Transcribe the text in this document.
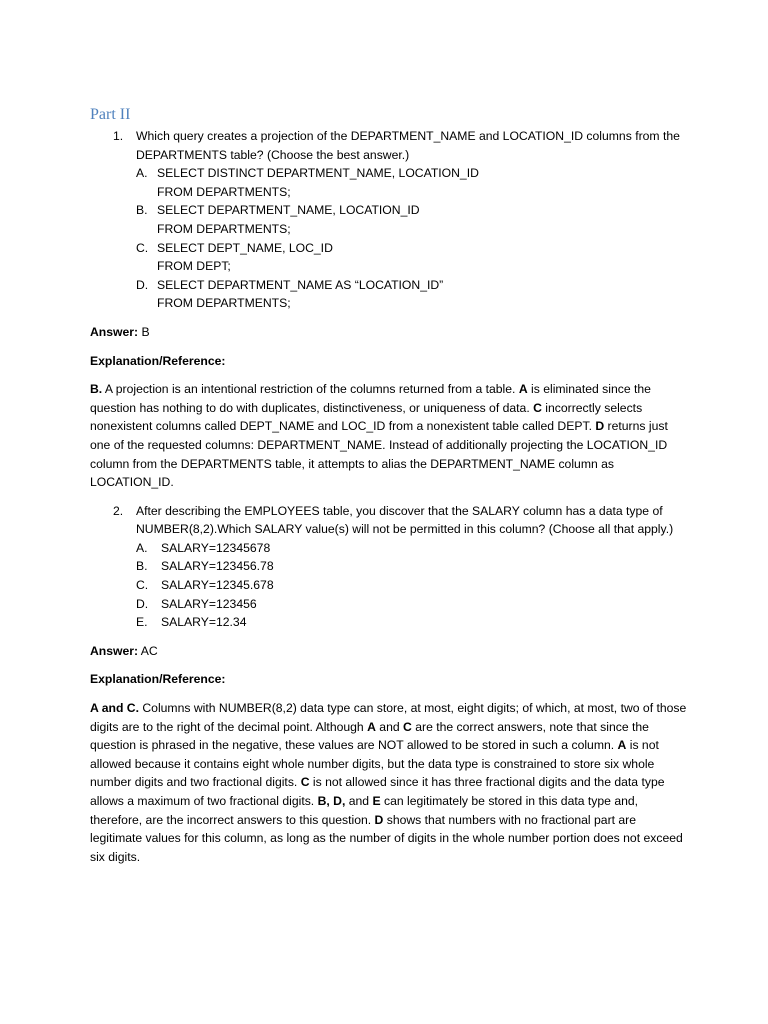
Part II
1. Which query creates a projection of the DEPARTMENT_NAME and LOCATION_ID columns from the DEPARTMENTS table? (Choose the best answer.)
A. SELECT DISTINCT DEPARTMENT_NAME, LOCATION_ID
FROM DEPARTMENTS;
B. SELECT DEPARTMENT_NAME, LOCATION_ID
FROM DEPARTMENTS;
C. SELECT DEPT_NAME, LOC_ID
FROM DEPT;
D. SELECT DEPARTMENT_NAME AS “LOCATION_ID”
FROM DEPARTMENTS;

Answer: B

Explanation/Reference:

B. A projection is an intentional restriction of the columns returned from a table. A is eliminated since the question has nothing to do with duplicates, distinctiveness, or uniqueness of data. C incorrectly selects nonexistent columns called DEPT_NAME and LOC_ID from a nonexistent table called DEPT. D returns just one of the requested columns: DEPARTMENT_NAME. Instead of additionally projecting the LOCATION_ID column from the DEPARTMENTS table, it attempts to alias the DEPARTMENT_NAME column as LOCATION_ID.

2. After describing the EMPLOYEES table, you discover that the SALARY column has a data type of NUMBER(8,2).Which SALARY value(s) will not be permitted in this column? (Choose all that apply.)
A. SALARY=12345678
B. SALARY=123456.78
C. SALARY=12345.678
D. SALARY=123456
E. SALARY=12.34

Answer: AC

Explanation/Reference:

A and C. Columns with NUMBER(8,2) data type can store, at most, eight digits; of which, at most, two of those digits are to the right of the decimal point. Although A and C are the correct answers, note that since the question is phrased in the negative, these values are NOT allowed to be stored in such a column. A is not allowed because it contains eight whole number digits, but the data type is constrained to store six whole number digits and two fractional digits. C is not allowed since it has three fractional digits and the data type allows a maximum of two fractional digits. B, D, and E can legitimately be stored in this data type and, therefore, are the incorrect answers to this question. D shows that numbers with no fractional part are legitimate values for this column, as long as the number of digits in the whole number portion does not exceed six digits.
